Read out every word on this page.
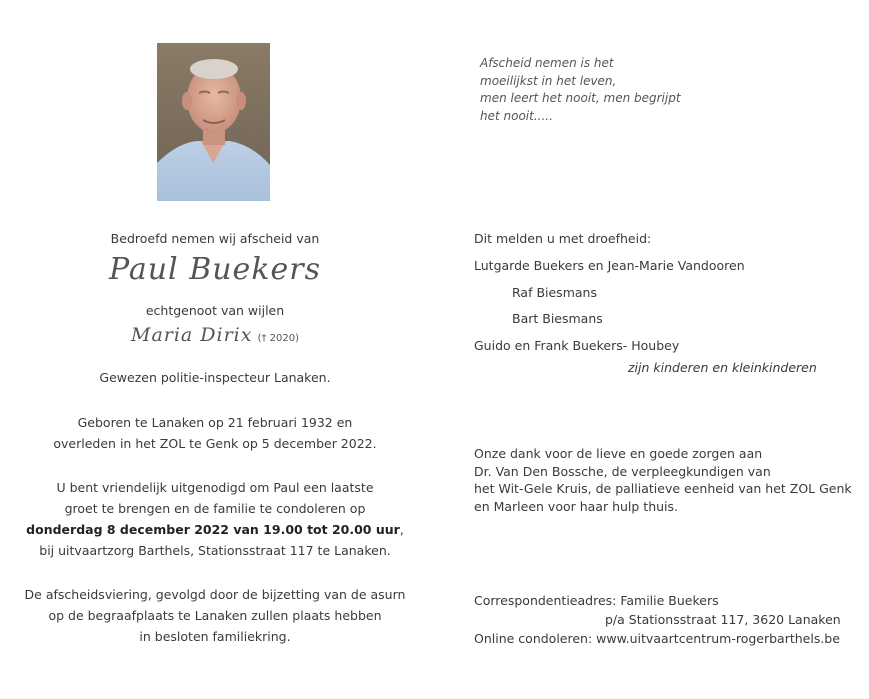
Bedroefd nemen wij afscheid van
Paul Buekers
echtgenoot van wijlen
Maria Dirix († 2020)
Gewezen politie-inspecteur Lanaken.
Geboren te Lanaken op 21 februari 1932 en
overleden in het ZOL te Genk op 5 december 2022.
U bent vriendelijk uitgenodigd om Paul een laatste
groet te brengen en de familie te condoleren op
donderdag 8 december 2022 van 19.00 tot 20.00 uur,
bij uitvaartzorg Barthels, Stationsstraat 117 te Lanaken.
De afscheidsviering, gevolgd door de bijzetting van de asurn
op de begraafplaats te Lanaken zullen plaats hebben
in besloten familiekring.
Afscheid nemen is het
moeilijkst in het leven,
men leert het nooit, men begrijpt
het nooit.....
Dit melden u met droefheid:
Lutgarde Buekers en Jean-Marie Vandooren
Raf Biesmans
Bart Biesmans
Guido en Frank Buekers- Houbey
zijn kinderen en kleinkinderen
Onze dank voor de lieve en goede zorgen aan
Dr. Van Den Bossche, de verpleegkundigen van
het Wit-Gele Kruis, de palliatieve eenheid van het ZOL Genk
en Marleen voor haar hulp thuis.
Correspondentieadres: Familie Buekers
p/a Stationsstraat 117, 3620 Lanaken
Online condoleren: www.uitvaartcentrum-rogerbarthels.be
